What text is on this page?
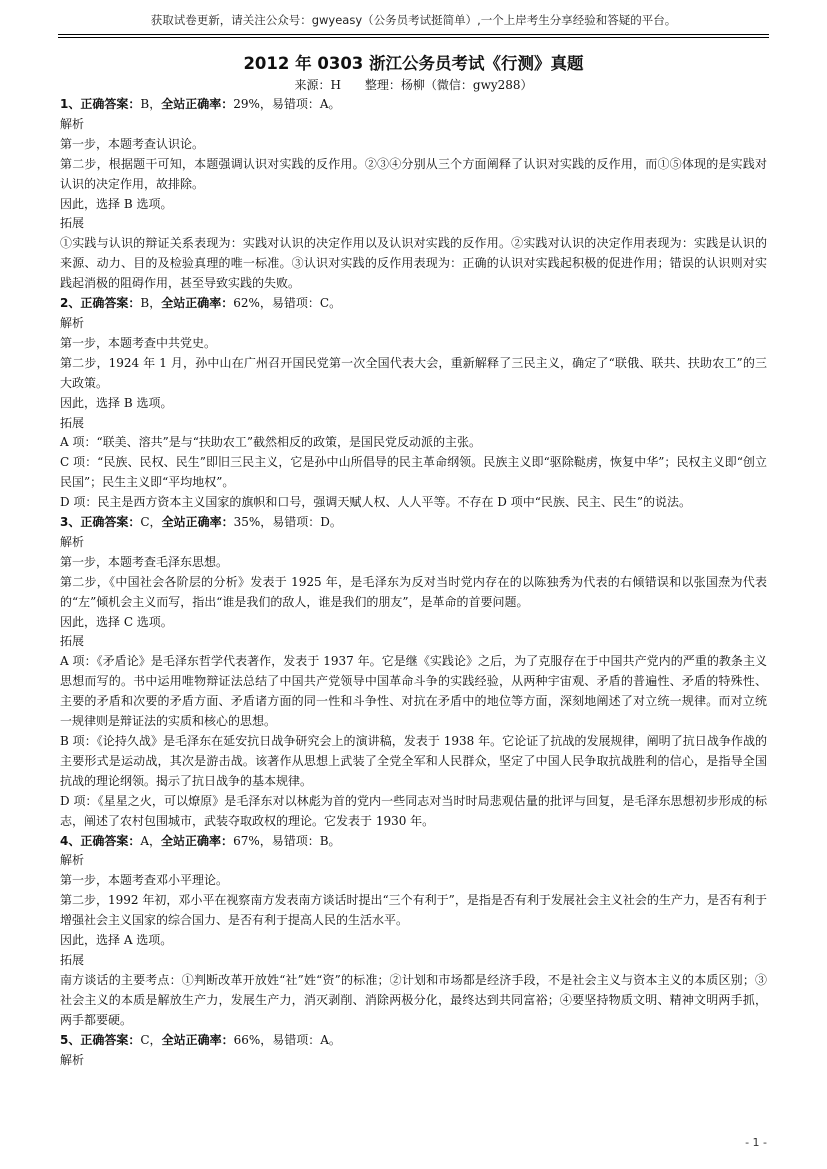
获取试卷更新，请关注公众号：gwyeasy（公务员考试挺简单）,一个上岸考生分享经验和答疑的平台。
2012 年 0303 浙江公务员考试《行测》真题
来源：H　　整理：杨柳（微信：gwy288）

1、正确答案：B，全站正确率：29%，易错项：A。

解析

第一步，本题考查认识论。

第二步，根据题干可知，本题强调认识对实践的反作用。②③④分别从三个方面阐释了认识对实践的反作用，而①⑤体现的是实践对认识的决定作用，故排除。

因此，选择 B 选项。

拓展

①实践与认识的辩证关系表现为：实践对认识的决定作用以及认识对实践的反作用。②实践对认识的决定作用表现为：实践是认识的来源、动力、目的及检验真理的唯一标准。③认识对实践的反作用表现为：正确的认识对实践起积极的促进作用；错误的认识则对实践起消极的阻碍作用，甚至导致实践的失败。

2、正确答案：B，全站正确率：62%，易错项：C。

解析

第一步，本题考查中共党史。

第二步，1924 年 1 月，孙中山在广州召开国民党第一次全国代表大会，重新解释了三民主义，确定了“联俄、联共、扶助农工”的三大政策。

因此，选择 B 选项。

拓展

A 项：“联美、溶共”是与“扶助农工”截然相反的政策，是国民党反动派的主张。

C 项：“民族、民权、民生”即旧三民主义，它是孙中山所倡导的民主革命纲领。民族主义即“驱除鞑虏，恢复中华”；民权主义即“创立民国”；民生主义即“平均地权”。

D 项：民主是西方资本主义国家的旗帜和口号，强调天赋人权、人人平等。不存在 D 项中“民族、民主、民生”的说法。

3、正确答案：C，全站正确率：35%，易错项：D。

解析

第一步，本题考查毛泽东思想。

第二步，《中国社会各阶层的分析》发表于 1925 年，是毛泽东为反对当时党内存在的以陈独秀为代表的右倾错误和以张国焘为代表的“左”倾机会主义而写，指出“谁是我们的敌人，谁是我们的朋友”，是革命的首要问题。

因此，选择 C 选项。

拓展

A 项：《矛盾论》是毛泽东哲学代表著作，发表于 1937 年。它是继《实践论》之后，为了克服存在于中国共产党内的严重的教条主义思想而写的。书中运用唯物辩证法总结了中国共产党领导中国革命斗争的实践经验，从两种宇宙观、矛盾的普遍性、矛盾的特殊性、主要的矛盾和次要的矛盾方面、矛盾诸方面的同一性和斗争性、对抗在矛盾中的地位等方面，深刻地阐述了对立统一规律。而对立统一规律则是辩证法的实质和核心的思想。

B 项：《论持久战》是毛泽东在延安抗日战争研究会上的演讲稿，发表于 1938 年。它论证了抗战的发展规律，阐明了抗日战争作战的主要形式是运动战，其次是游击战。该著作从思想上武装了全党全军和人民群众，坚定了中国人民争取抗战胜利的信心，是指导全国抗战的理论纲领。揭示了抗日战争的基本规律。

D 项：《星星之火，可以燎原》是毛泽东对以林彪为首的党内一些同志对当时时局悲观估量的批评与回复，是毛泽东思想初步形成的标志，阐述了农村包围城市，武装夺取政权的理论。它发表于 1930 年。

4、正确答案：A，全站正确率：67%，易错项：B。

解析

第一步，本题考查邓小平理论。

第二步，1992 年初，邓小平在视察南方发表南方谈话时提出“三个有利于”，是指是否有利于发展社会主义社会的生产力，是否有利于增强社会主义国家的综合国力、是否有利于提高人民的生活水平。

因此，选择 A 选项。

拓展

南方谈话的主要考点：①判断改革开放姓“社”姓“资”的标准；②计划和市场都是经济手段，不是社会主义与资本主义的本质区别；③社会主义的本质是解放生产力，发展生产力，消灭剥削、消除两极分化，最终达到共同富裕；④要坚持物质文明、精神文明两手抓，两手都要硬。

5、正确答案：C，全站正确率：66%，易错项：A。

解析

- 1 -
